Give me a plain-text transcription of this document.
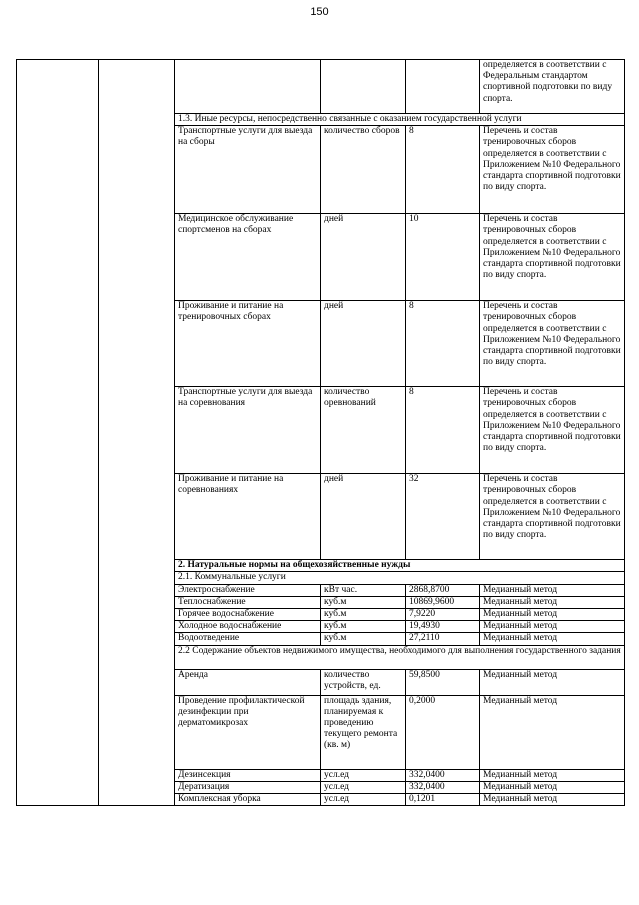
150
					определяется в соответствии с Федеральным стандартом спортивной подготовки по виду спорта.
		1.3. Иные ресурсы, непосредственно связанные с оказанием государственной услуги			
		Транспортные услуги для выезда на сборы	количество сборов	8	Перечень и состав тренировочных сборов определяется в соответствии с Приложением №10 Федерального стандарта спортивной подготовки по виду спорта.
		Медицинское обслуживание спортсменов на сборах	дней	10	Перечень и состав тренировочных сборов определяется в соответствии с Приложением №10 Федерального стандарта спортивной подготовки по виду спорта.
		Проживание и питание на тренировочных сборах	дней	8	Перечень и состав тренировочных сборов определяется в соответствии с Приложением №10 Федерального стандарта спортивной подготовки по виду спорта.
		Транспортные услуги для выезда на соревнования	количество оревнований	8	Перечень и состав тренировочных сборов определяется в соответствии с Приложением №10 Федерального стандарта спортивной подготовки по виду спорта.
		Проживание и питание на соревнованиях	дней	32	Перечень и состав тренировочных сборов определяется в соответствии с Приложением №10 Федерального стандарта спортивной подготовки по виду спорта.
		2. Натуральные нормы на общехозяйственные нужды			
		2.1. Коммунальные услуги			
		Электроснабжение	кВт час.	2868,8700	Медианный метод
		Теплоснабжение	куб.м	10869,9600	Медианный метод
		Горячее водоснабжение	куб.м	7,9220	Медианный метод
		Холодное водоснабжение	куб.м	19,4930	Медианный метод
		Водоотведение	куб.м	27,2110	Медианный метод
		2.2 Содержание объектов недвижимого имущества, необходимого для выполнения государственного задания			
		Аренда	количество устройств, ед.	59,8500	Медианный метод
		Проведение профилактической дезинфекции при дерматомикрозах	площадь здания, планируемая к проведению текущего ремонта (кв. м)	0,2000	Медианный метод
		Дезинсекция	усл.ед	332,0400	Медианный метод
		Дератизация	усл.ед	332,0400	Медианный метод
		Комплексная уборка	усл.ед	0,1201	Медианный метод
